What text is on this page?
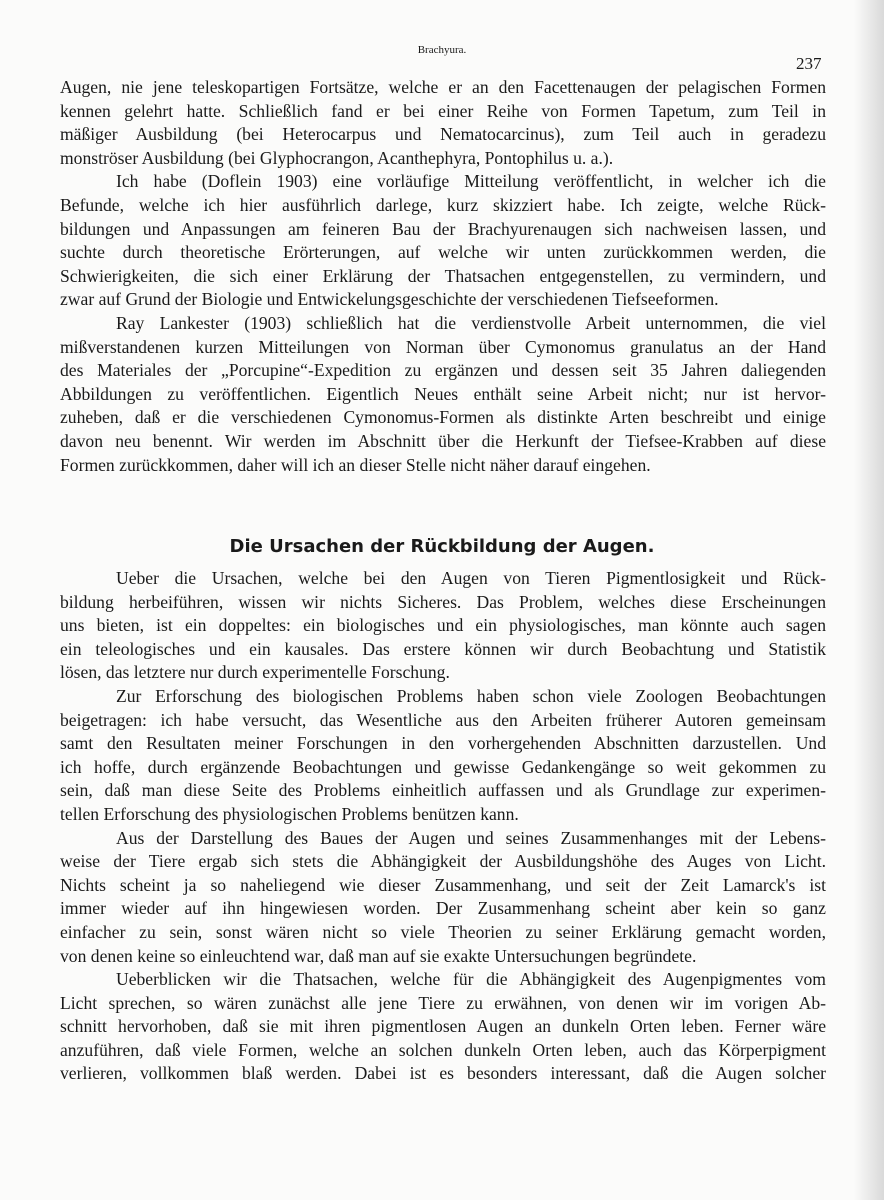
Brachyura.
237
Augen, nie jene teleskopartigen Fortsätze, welche er an den Facettenaugen der pelagischen Formen
kennen gelehrt hatte. Schließlich fand er bei einer Reihe von Formen Tapetum, zum Teil in
mäßiger Ausbildung (bei Heterocarpus und Nematocarcinus), zum Teil auch in geradezu
monströser Ausbildung (bei Glyphocrangon, Acanthephyra, Pontophilus u. a.).
Ich habe (Doflein 1903) eine vorläufige Mitteilung veröffentlicht, in welcher ich die
Befunde, welche ich hier ausführlich darlege, kurz skizziert habe. Ich zeigte, welche Rück-
bildungen und Anpassungen am feineren Bau der Brachyurenaugen sich nachweisen lassen, und
suchte durch theoretische Erörterungen, auf welche wir unten zurückkommen werden, die
Schwierigkeiten, die sich einer Erklärung der Thatsachen entgegenstellen, zu vermindern, und
zwar auf Grund der Biologie und Entwickelungsgeschichte der verschiedenen Tiefseeformen.
Ray Lankester (1903) schließlich hat die verdienstvolle Arbeit unternommen, die viel
mißverstandenen kurzen Mitteilungen von Norman über Cymonomus granulatus an der Hand
des Materiales der „Porcupine“-Expedition zu ergänzen und dessen seit 35 Jahren daliegenden
Abbildungen zu veröffentlichen. Eigentlich Neues enthält seine Arbeit nicht; nur ist hervor-
zuheben, daß er die verschiedenen Cymonomus-Formen als distinkte Arten beschreibt und einige
davon neu benennt. Wir werden im Abschnitt über die Herkunft der Tiefsee-Krabben auf diese
Formen zurückkommen, daher will ich an dieser Stelle nicht näher darauf eingehen.
Die Ursachen der Rückbildung der Augen.
Ueber die Ursachen, welche bei den Augen von Tieren Pigmentlosigkeit und Rück-
bildung herbeiführen, wissen wir nichts Sicheres. Das Problem, welches diese Erscheinungen
uns bieten, ist ein doppeltes: ein biologisches und ein physiologisches, man könnte auch sagen
ein teleologisches und ein kausales. Das erstere können wir durch Beobachtung und Statistik
lösen, das letztere nur durch experimentelle Forschung.
Zur Erforschung des biologischen Problems haben schon viele Zoologen Beobachtungen
beigetragen: ich habe versucht, das Wesentliche aus den Arbeiten früherer Autoren gemeinsam
samt den Resultaten meiner Forschungen in den vorhergehenden Abschnitten darzustellen. Und
ich hoffe, durch ergänzende Beobachtungen und gewisse Gedankengänge so weit gekommen zu
sein, daß man diese Seite des Problems einheitlich auffassen und als Grundlage zur experimen-
tellen Erforschung des physiologischen Problems benützen kann.
Aus der Darstellung des Baues der Augen und seines Zusammenhanges mit der Lebens-
weise der Tiere ergab sich stets die Abhängigkeit der Ausbildungshöhe des Auges von Licht.
Nichts scheint ja so naheliegend wie dieser Zusammenhang, und seit der Zeit Lamarck's ist
immer wieder auf ihn hingewiesen worden. Der Zusammenhang scheint aber kein so ganz
einfacher zu sein, sonst wären nicht so viele Theorien zu seiner Erklärung gemacht worden,
von denen keine so einleuchtend war, daß man auf sie exakte Untersuchungen begründete.
Ueberblicken wir die Thatsachen, welche für die Abhängigkeit des Augenpigmentes vom
Licht sprechen, so wären zunächst alle jene Tiere zu erwähnen, von denen wir im vorigen Ab-
schnitt hervorhoben, daß sie mit ihren pigmentlosen Augen an dunkeln Orten leben. Ferner wäre
anzuführen, daß viele Formen, welche an solchen dunkeln Orten leben, auch das Körperpigment
verlieren, vollkommen blaß werden. Dabei ist es besonders interessant, daß die Augen solcher
